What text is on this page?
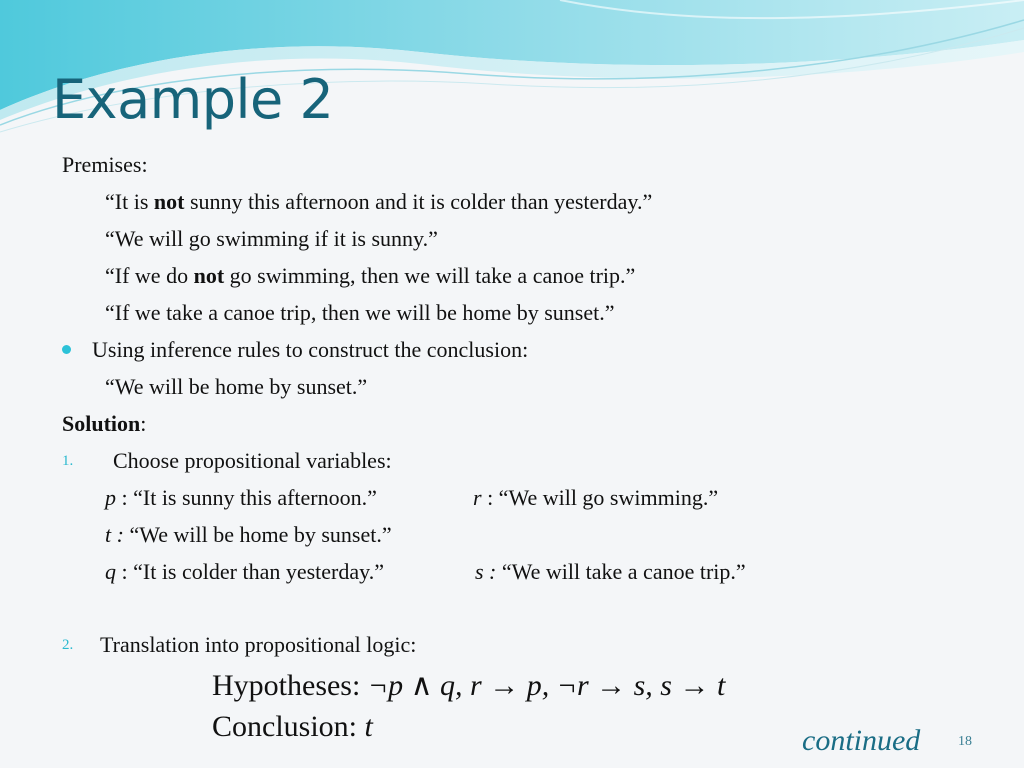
Example 2
Premises:
“It is not sunny this afternoon and it is colder than yesterday.”
“We will go swimming if it is sunny.”
“If we do not go swimming, then we will take a canoe trip.”
“If we take a canoe trip, then we will be home by sunset.”
Using inference rules to construct the conclusion:
“We will be home by sunset.”
Solution:
1. Choose propositional variables:
p : “It is sunny this afternoon.”	r : “We will go swimming.”
t : “We will be home by sunset.”
q : “It is colder than yesterday.”	s : “We will take a canoe trip.”
2. Translation into propositional logic:
Hypotheses: ¬p ∧ q, r → p, ¬r → s, s → t
Conclusion: t	continued	18
